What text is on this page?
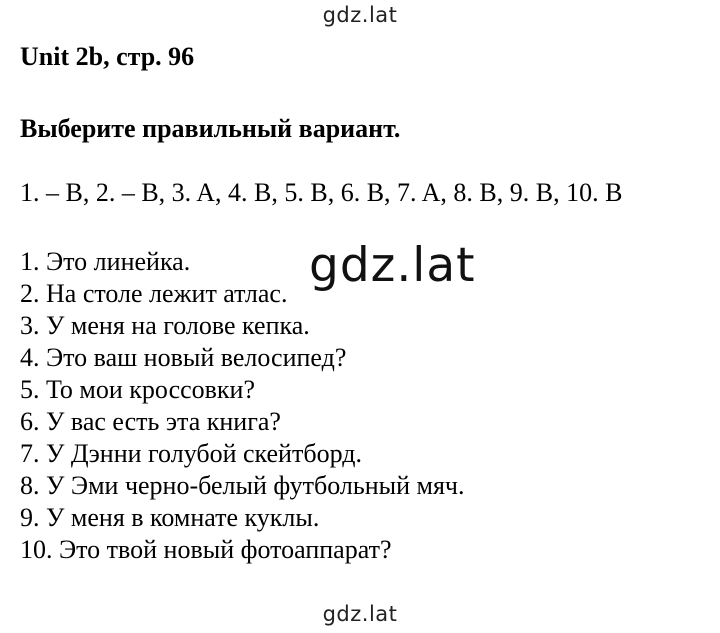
gdz.lat
Unit 2b, стр. 96
Выберите правильный вариант.
1. – B, 2. – B, 3. A, 4. B, 5. B, 6. B, 7. A, 8. B, 9. B, 10. B
1. Это линейка.
2. На столе лежит атлас.
3. У меня на голове кепка.
4. Это ваш новый велосипед?
5. То мои кроссовки?
6. У вас есть эта книга?
7. У Дэнни голубой скейтборд.
8. У Эми черно-белый футбольный мяч.
9. У меня в комнате куклы.
10. Это твой новый фотоаппарат?
gdz.lat
gdz.lat
